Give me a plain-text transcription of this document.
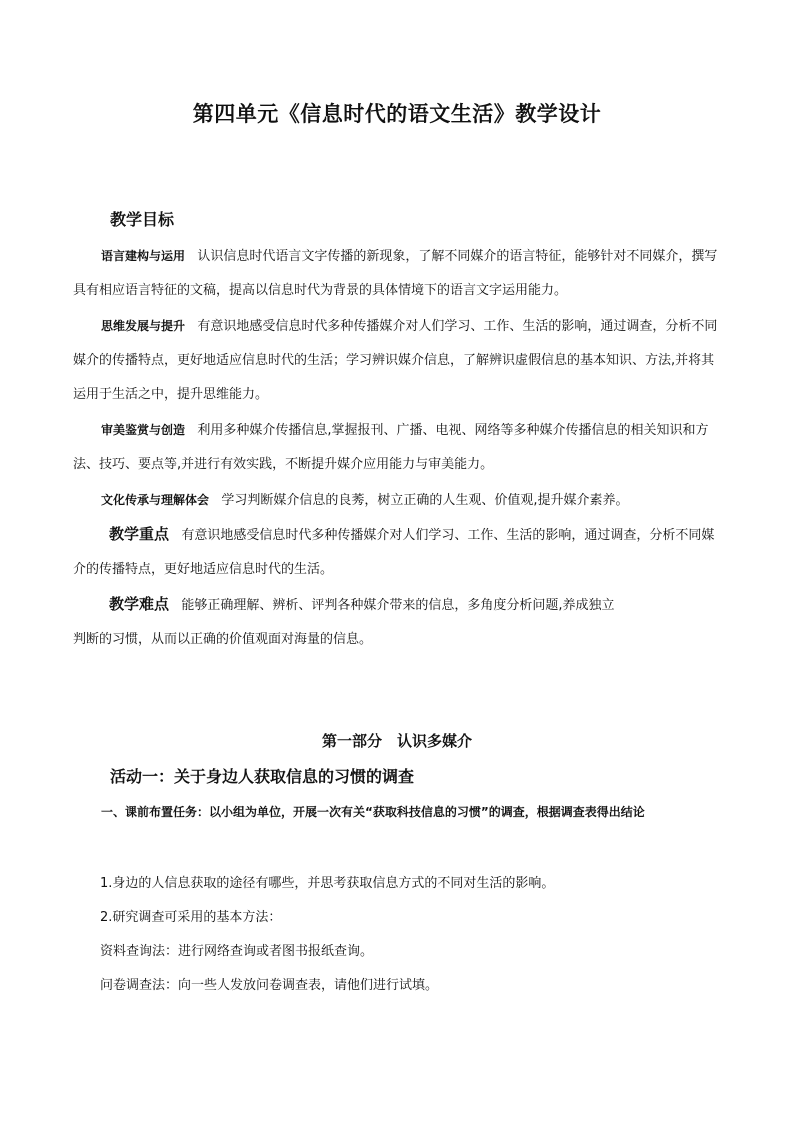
第四单元《信息时代的语文生活》教学设计
教学目标

语言建构与运用 认识信息时代语言文字传播的新现象，了解不同媒介的语言特征，能够针对不同媒介，撰写具有相应语言特征的文稿，提高以信息时代为背景的具体情境下的语言文字运用能力。

思维发展与提升 有意识地感受信息时代多种传播媒介对人们学习、工作、生活的影响，通过调查，分析不同媒介的传播特点，更好地适应信息时代的生活；学习辨识媒介信息，了解辨识虚假信息的基本知识、方法,并将其运用于生活之中，提升思维能力。

审美鉴赏与创造 利用多种媒介传播信息,掌握报刊、广播、电视、网络等多种媒介传播信息的相关知识和方法、技巧、要点等,并进行有效实践，不断提升媒介应用能力与审美能力。

文化传承与理解体会 学习判断媒介信息的良莠，树立正确的人生观、价值观,提升媒介素养。

教学重点 有意识地感受信息时代多种传播媒介对人们学习、工作、生活的影响，通过调查，分析不同媒介的传播特点，更好地适应信息时代的生活。

教学难点 能够正确理解、辨析、评判各种媒介带来的信息，多角度分析问题,养成独立
判断的习惯，从而以正确的价值观面对海量的信息。

第一部分　认识多媒介
活动一：关于身边人获取信息的习惯的调查

一、课前布置任务：以小组为单位，开展一次有关“获取科技信息的习惯”的调查，根据调查表得出结论

1.身边的人信息获取的途径有哪些，并思考获取信息方式的不同对生活的影响。
2.研究调查可采用的基本方法：
资料查询法：进行网络查询或者图书报纸查询。
问卷调查法：向一些人发放问卷调查表，请他们进行试填。
